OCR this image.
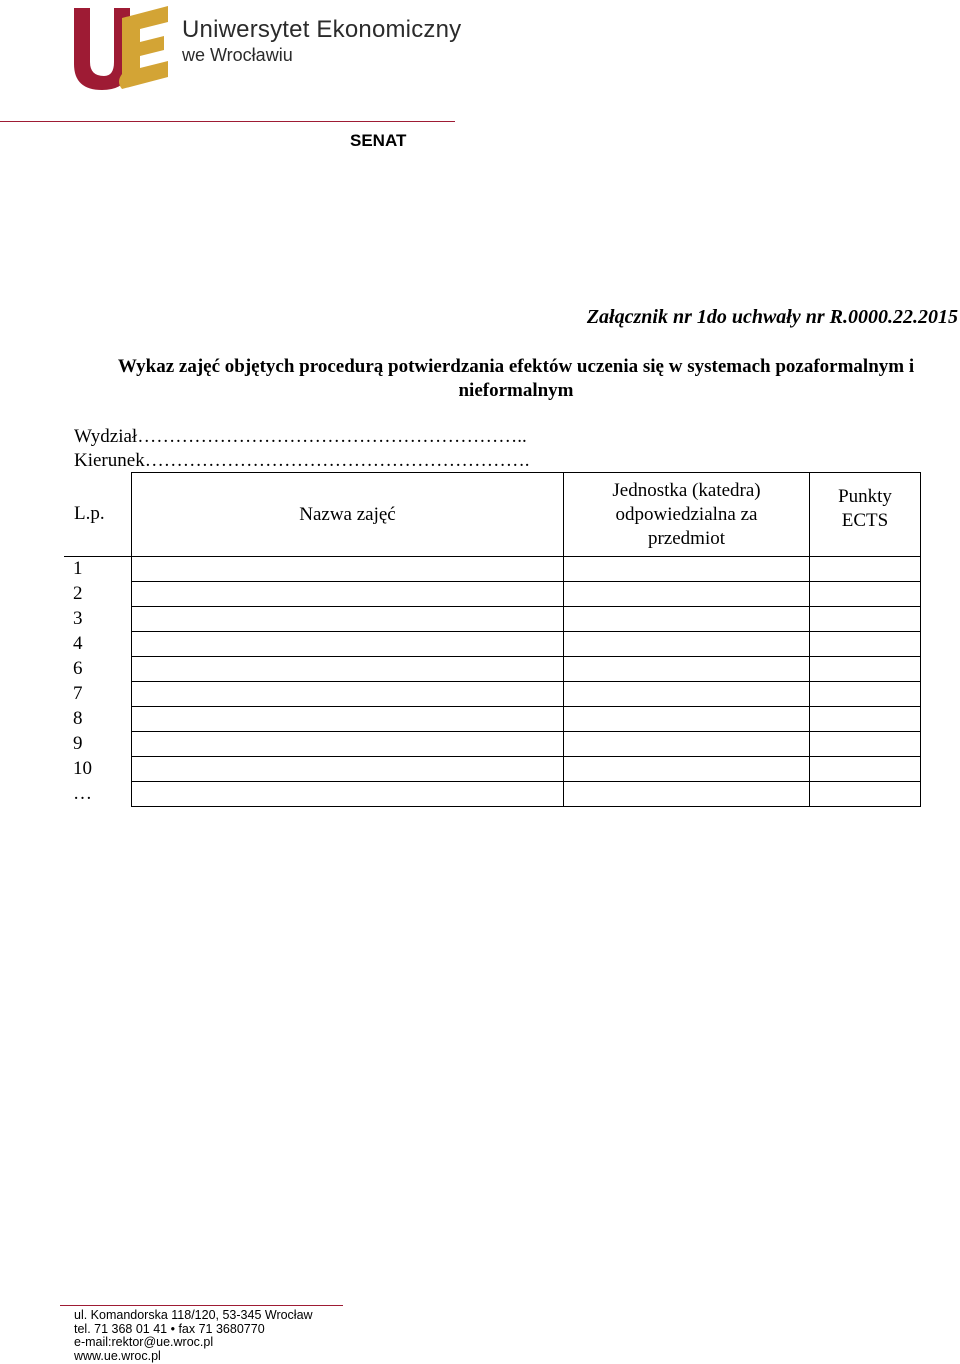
Uniwersytet Ekonomiczny
we Wrocławiu
SENAT
Załącznik nr 1do uchwały nr R.0000.22.2015
Wykaz zajęć objętych procedurą potwierdzania efektów uczenia się w systemach pozaformalnym i nieformalnym
Wydział……………………………………………………..
Kierunek…………………………………………………….
L.p.	Nazwa zajęć	Jednostka (katedra) odpowiedzialna za przedmiot	Punkty ECTS

1			
2			
3			
4			
6			
7			
8			
9			
10			
…			
ul. Komandorska 118/120, 53-345 Wrocław
tel. 71 368 01 41 • fax 71 3680770
e-mail:rektor@ue.wroc.pl
www.ue.wroc.pl
